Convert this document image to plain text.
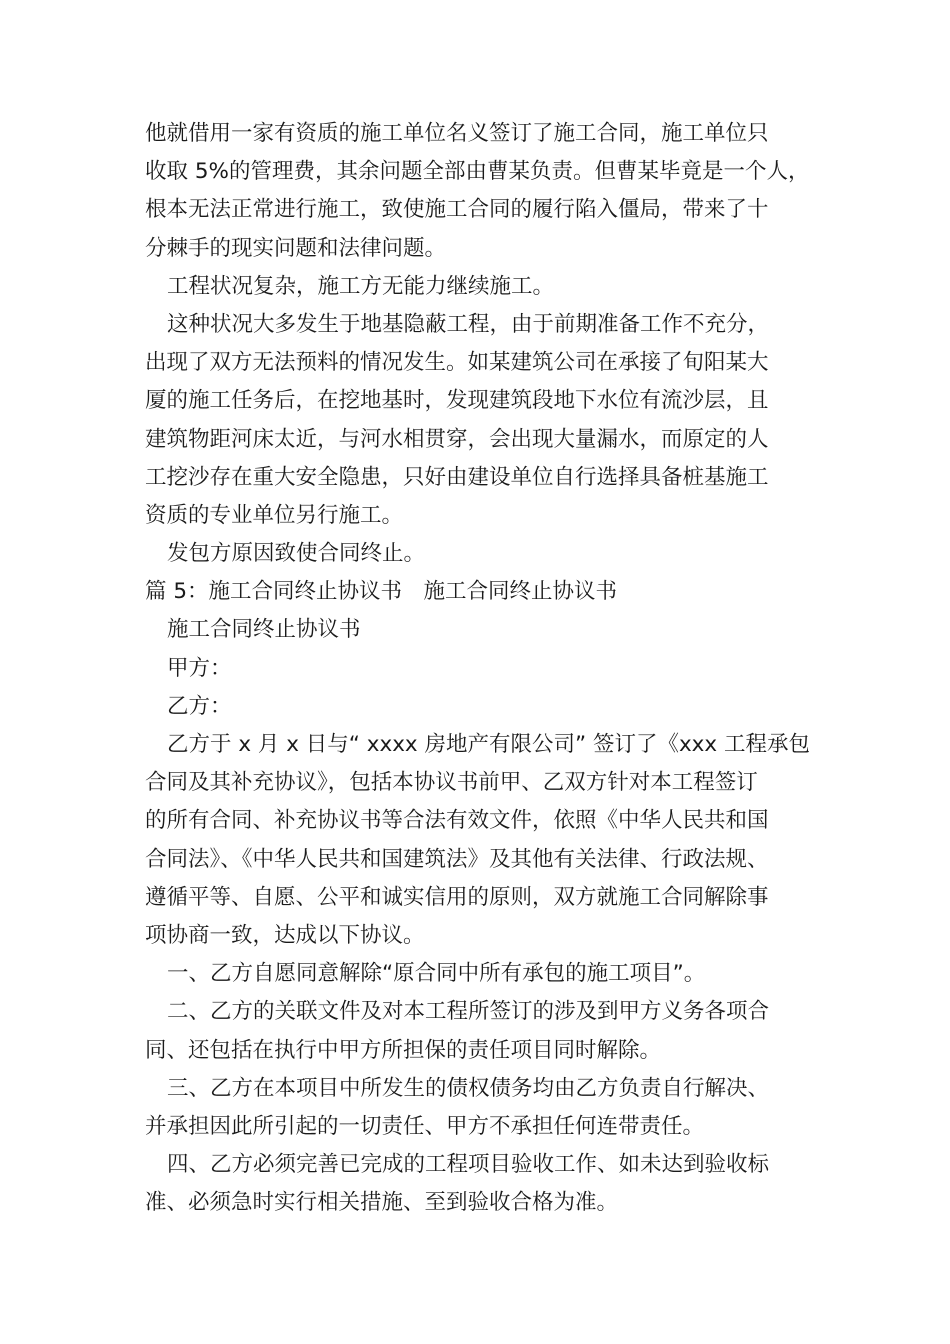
他就借用一家有资质的施工单位名义签订了施工合同，施工单位只
收取 5%的管理费，其余问题全部由曹某负责。但曹某毕竟是一个人，
根本无法正常进行施工，致使施工合同的履行陷入僵局，带来了十
分棘手的现实问题和法律问题。
工程状况复杂，施工方无能力继续施工。
这种状况大多发生于地基隐蔽工程，由于前期准备工作不充分，
出现了双方无法预料的情况发生。如某建筑公司在承接了旬阳某大
厦的施工任务后，在挖地基时，发现建筑段地下水位有流沙层，且
建筑物距河床太近，与河水相贯穿，会出现大量漏水，而原定的人
工挖沙存在重大安全隐患，只好由建设单位自行选择具备桩基施工
资质的专业单位另行施工。
发包方原因致使合同终止。
篇 5：施工合同终止协议书　施工合同终止协议书
施工合同终止协议书
甲方：
乙方：
乙方于 x 月 x 日与“ xxxx 房地产有限公司” 签订了《xxx 工程承包
合同及其补充协议》，包括本协议书前甲、乙双方针对本工程签订
的所有合同、补充协议书等合法有效文件，依照《中华人民共和国
合同法》、《中华人民共和国建筑法》及其他有关法律、行政法规、
遵循平等、自愿、公平和诚实信用的原则，双方就施工合同解除事
项协商一致，达成以下协议。
一、乙方自愿同意解除“原合同中所有承包的施工项目”。
二、乙方的关联文件及对本工程所签订的涉及到甲方义务各项合
同、还包括在执行中甲方所担保的责任项目同时解除。
三、乙方在本项目中所发生的债权债务均由乙方负责自行解决、
并承担因此所引起的一切责任、甲方不承担任何连带责任。
四、乙方必须完善已完成的工程项目验收工作、如未达到验收标
准、必须急时实行相关措施、至到验收合格为准。
